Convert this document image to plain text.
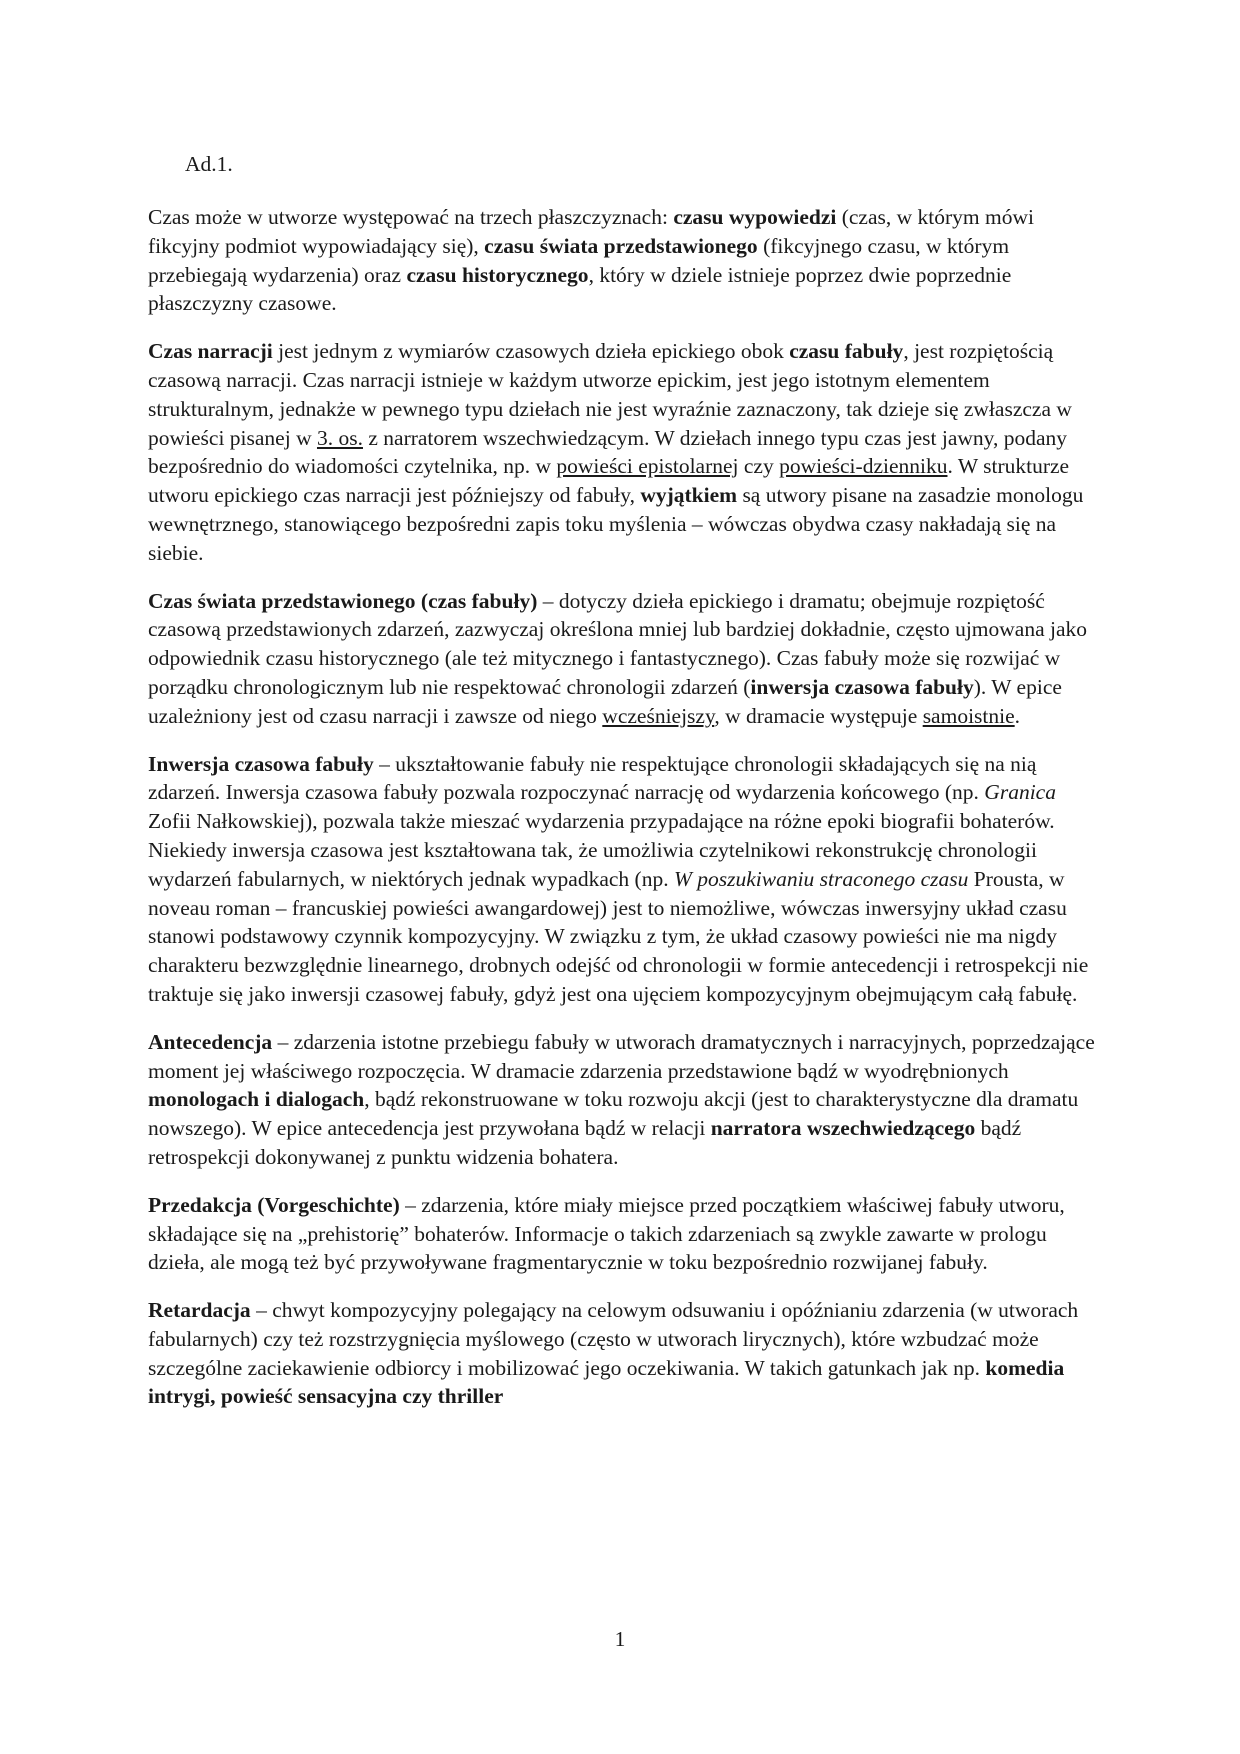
Ad.1.

Czas może w utworze występować na trzech płaszczyznach: czasu wypowiedzi (czas, w którym mówi fikcyjny podmiot wypowiadający się), czasu świata przedstawionego (fikcyjnego czasu, w którym przebiegają wydarzenia) oraz czasu historycznego, który w dziele istnieje poprzez dwie poprzednie płaszczyzny czasowe.

Czas narracji jest jednym z wymiarów czasowych dzieła epickiego obok czasu fabuły, jest rozpiętością czasową narracji. Czas narracji istnieje w każdym utworze epickim, jest jego istotnym elementem strukturalnym, jednakże w pewnego typu dziełach nie jest wyraźnie zaznaczony, tak dzieje się zwłaszcza w powieści pisanej w 3. os. z narratorem wszechwiedzącym. W dziełach innego typu czas jest jawny, podany bezpośrednio do wiadomości czytelnika, np. w powieści epistolarnej czy powieści-dzienniku. W strukturze utworu epickiego czas narracji jest późniejszy od fabuły, wyjątkiem są utwory pisane na zasadzie monologu wewnętrznego, stanowiącego bezpośredni zapis toku myślenia – wówczas obydwa czasy nakładają się na siebie.

Czas świata przedstawionego (czas fabuły) – dotyczy dzieła epickiego i dramatu; obejmuje rozpiętość czasową przedstawionych zdarzeń, zazwyczaj określona mniej lub bardziej dokładnie, często ujmowana jako odpowiednik czasu historycznego (ale też mitycznego i fantastycznego). Czas fabuły może się rozwijać w porządku chronologicznym lub nie respektować chronologii zdarzeń (inwersja czasowa fabuły). W epice uzależniony jest od czasu narracji i zawsze od niego wcześniejszy, w dramacie występuje samoistnie.

Inwersja czasowa fabuły – ukształtowanie fabuły nie respektujące chronologii składających się na nią zdarzeń. Inwersja czasowa fabuły pozwala rozpoczynać narrację od wydarzenia końcowego (np. Granica Zofii Nałkowskiej), pozwala także mieszać wydarzenia przypadające na różne epoki biografii bohaterów. Niekiedy inwersja czasowa jest kształtowana tak, że umożliwia czytelnikowi rekonstrukcję chronologii wydarzeń fabularnych, w niektórych jednak wypadkach (np. W poszukiwaniu straconego czasu Prousta, w noveau roman – francuskiej powieści awangardowej) jest to niemożliwe, wówczas inwersyjny układ czasu stanowi podstawowy czynnik kompozycyjny. W związku z tym, że układ czasowy powieści nie ma nigdy charakteru bezwzględnie linearnego, drobnych odejść od chronologii w formie antecedencji i retrospekcji nie traktuje się jako inwersji czasowej fabuły, gdyż jest ona ujęciem kompozycyjnym obejmującym całą fabułę.

Antecedencja – zdarzenia istotne przebiegu fabuły w utworach dramatycznych i narracyjnych, poprzedzające moment jej właściwego rozpoczęcia. W dramacie zdarzenia przedstawione bądź w wyodrębnionych monologach i dialogach, bądź rekonstruowane w toku rozwoju akcji (jest to charakterystyczne dla dramatu nowszego). W epice antecedencja jest przywołana bądź w relacji narratora wszechwiedzącego bądź retrospekcji dokonywanej z punktu widzenia bohatera.

Przedakcja (Vorgeschichte) – zdarzenia, które miały miejsce przed początkiem właściwej fabuły utworu, składające się na „prehistorię” bohaterów. Informacje o takich zdarzeniach są zwykle zawarte w prologu dzieła, ale mogą też być przywoływane fragmentarycznie w toku bezpośrednio rozwijanej fabuły.

Retardacja – chwyt kompozycyjny polegający na celowym odsuwaniu i opóźnianiu zdarzenia (w utworach fabularnych) czy też rozstrzygnięcia myślowego (często w utworach lirycznych), które wzbudzać może szczególne zaciekawienie odbiorcy i mobilizować jego oczekiwania. W takich gatunkach jak np. komedia intrygi, powieść sensacyjna czy thriller

1
